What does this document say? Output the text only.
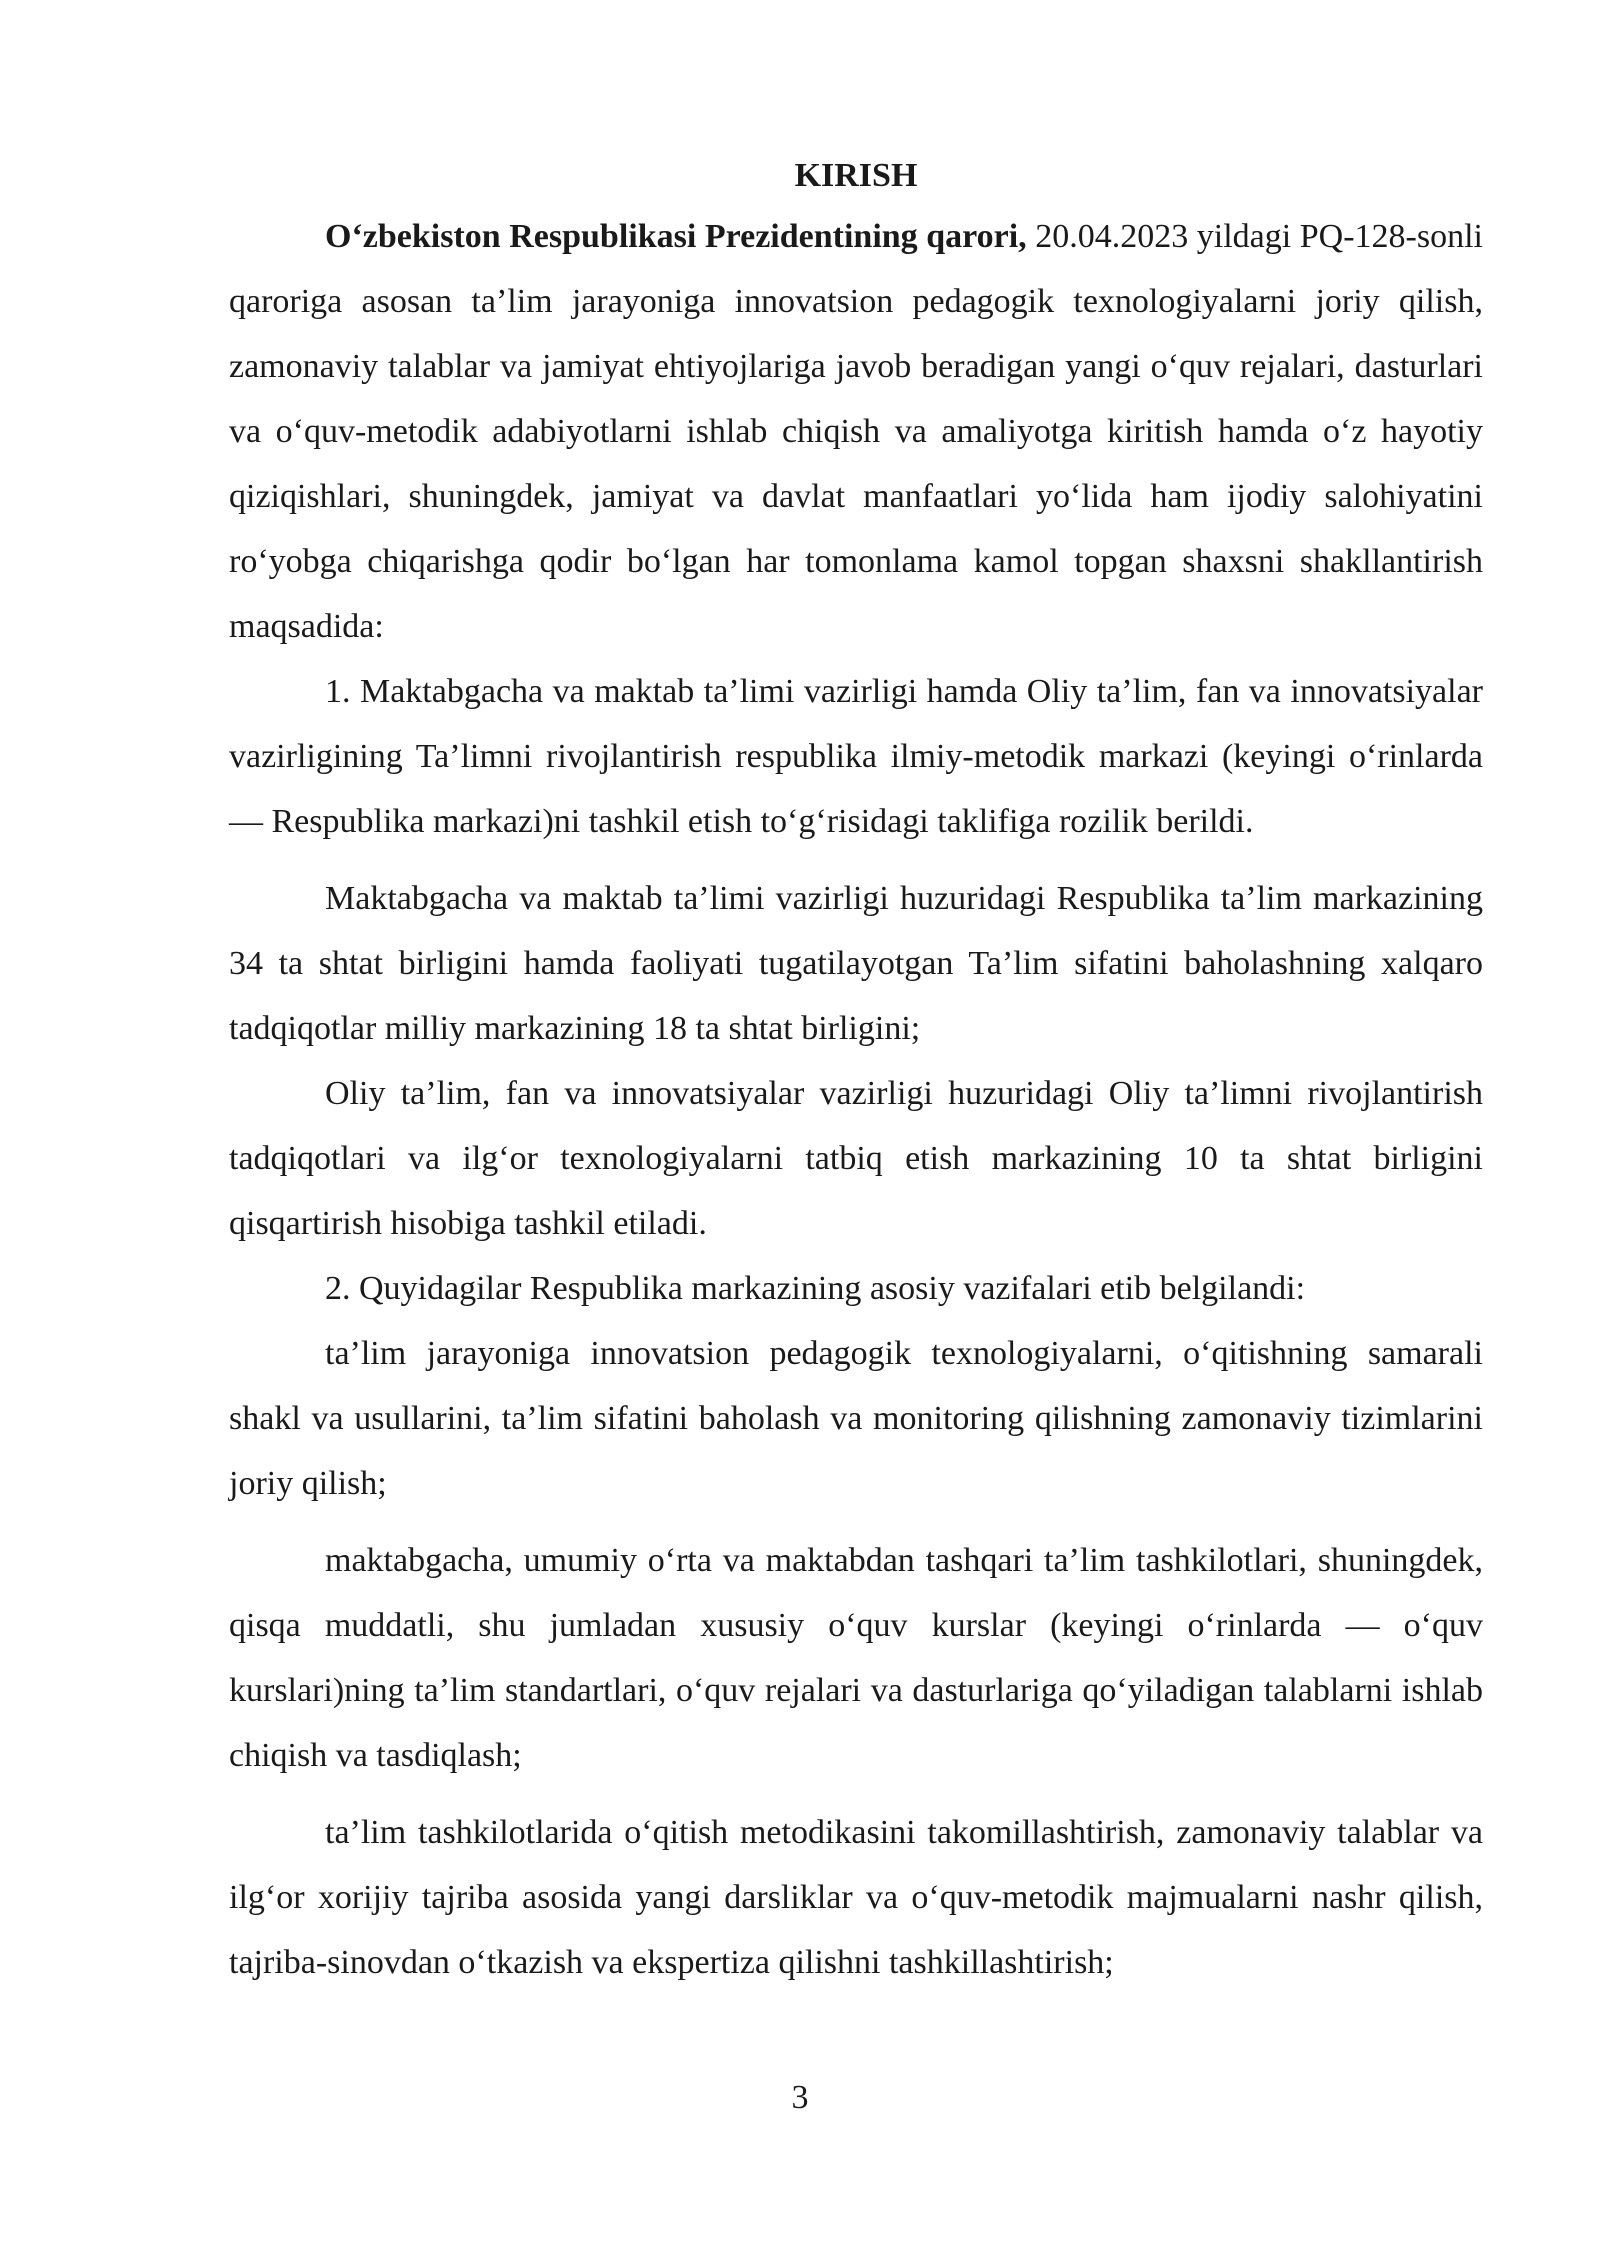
KIRISH

O‘zbekiston Respublikasi Prezidentining qarori, 20.04.2023 yildagi PQ-128-sonli qaroriga asosan ta’lim jarayoniga innovatsion pedagogik texnologiyalarni joriy qilish, zamonaviy talablar va jamiyat ehtiyojlariga javob beradigan yangi o‘quv rejalari, dasturlari va o‘quv-metodik adabiyotlarni ishlab chiqish va amaliyotga kiritish hamda o‘z hayotiy qiziqishlari, shuningdek, jamiyat va davlat manfaatlari yo‘lida ham ijodiy salohiyatini ro‘yobga chiqarishga qodir bo‘lgan har tomonlama kamol topgan shaxsni shakllantirish maqsadida:

1. Maktabgacha va maktab ta’limi vazirligi hamda Oliy ta’lim, fan va innovatsiyalar vazirligining Ta’limni rivojlantirish respublika ilmiy-metodik markazi (keyingi o‘rinlarda — Respublika markazi)ni tashkil etish to‘g‘risidagi taklifiga rozilik berildi.

Maktabgacha va maktab ta’limi vazirligi huzuridagi Respublika ta’lim markazining 34 ta shtat birligini hamda faoliyati tugatilayotgan Ta’lim sifatini baholashning xalqaro tadqiqotlar milliy markazining 18 ta shtat birligini;

Oliy ta’lim, fan va innovatsiyalar vazirligi huzuridagi Oliy ta’limni rivojlantirish tadqiqotlari va ilg‘or texnologiyalarni tatbiq etish markazining 10 ta shtat birligini qisqartirish hisobiga tashkil etiladi.

2. Quyidagilar Respublika markazining asosiy vazifalari etib belgilandi:

ta’lim jarayoniga innovatsion pedagogik texnologiyalarni, o‘qitishning samarali shakl va usullarini, ta’lim sifatini baholash va monitoring qilishning zamonaviy tizimlarini joriy qilish;

maktabgacha, umumiy o‘rta va maktabdan tashqari ta’lim tashkilotlari, shuningdek, qisqa muddatli, shu jumladan xususiy o‘quv kurslar (keyingi o‘rinlarda — o‘quv kurslari)ning ta’lim standartlari, o‘quv rejalari va dasturlariga qo‘yiladigan talablarni ishlab chiqish va tasdiqlash;

ta’lim tashkilotlarida o‘qitish metodikasini takomillashtirish, zamonaviy talablar va ilg‘or xorijiy tajriba asosida yangi darsliklar va o‘quv-metodik majmualarni nashr qilish, tajriba-sinovdan o‘tkazish va ekspertiza qilishni tashkillashtirish;

3
